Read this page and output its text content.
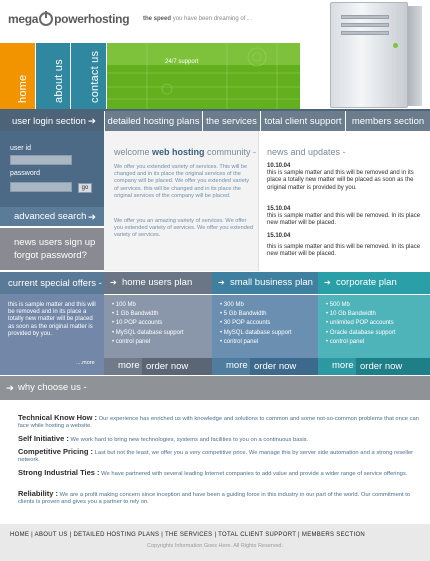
mega powerhosting the speed you have been dreaming of . .
home about us contact us	24/7 support
user login section ➔ detailed hosting plans the services total client support members section
user id
password
go
advanced search ➔
news users sign up
forgot password?
current special offers -

this is sample matter and this will be removed and in its place a totally new matter will be placed as soon as the original matter is provided by you.

....more
welcome web hosting community -

We offer you extended variety of services. This will be changed and in its place the original services of the company will be placed. We offer you extended variety of services. this will be changed and in its place the original services of the company will be placed.

We offer you an amazing variety of services. We offer you extended variety of services. We offer you extended variety of services.

news and updates -
10.10.04
this is sample matter and this will be removed and in its place a totally new matter will be placed as soon as the original matter is provided by you.
15.10.04
this is sample matter and this will be removed. In its place new matter will be placed.
15.10.04
this is sample matter and this will be removed. In its place new matter will be placed.
➔ home users plan
• 100 Mb
• 1 Gb Bandwidth
• 10 POP accounts
• MySQL database support
• control panel
more order now
➔ small business plan
• 300 Mb
• 5 Gb Bandwidth
• 30 POP accounts
• MySQL database support
• control panel
more order now
➔ corporate plan
• 500 Mb
• 10 Gb Bandwidth
• unlimited POP accounts
• Oracle database support
• control panel
more order now
➔ why choose us -

Technical Know How : Our experience has enriched us with knowledge and solutions to common and some not-so-common problems that once can face while hosting a website.

Self Initiative : We work hard to bring new technologies, systems and facilities to you on a continuous basis.

Competitive Pricing : Last but not the least, we offer you a very competitive price. We manage this by server side automation and a strong reseller network.

Strong Industrial Ties : We have partnered with several leading Internet companies to add value and provide a wider range of service offerings.

Reliability : We are a profit making concern since inception and have been a guiding force in this industry in our part of the world. Our commitment to clients is proven and gives you a partner to rely on.

HOME | ABOUT US | DETAILED HOSTING PLANS | THE SERVICES | TOTAL CLIENT SUPPORT | MEMBERS SECTION
Copyrights Information Goes Here. All Rights Reserved.
